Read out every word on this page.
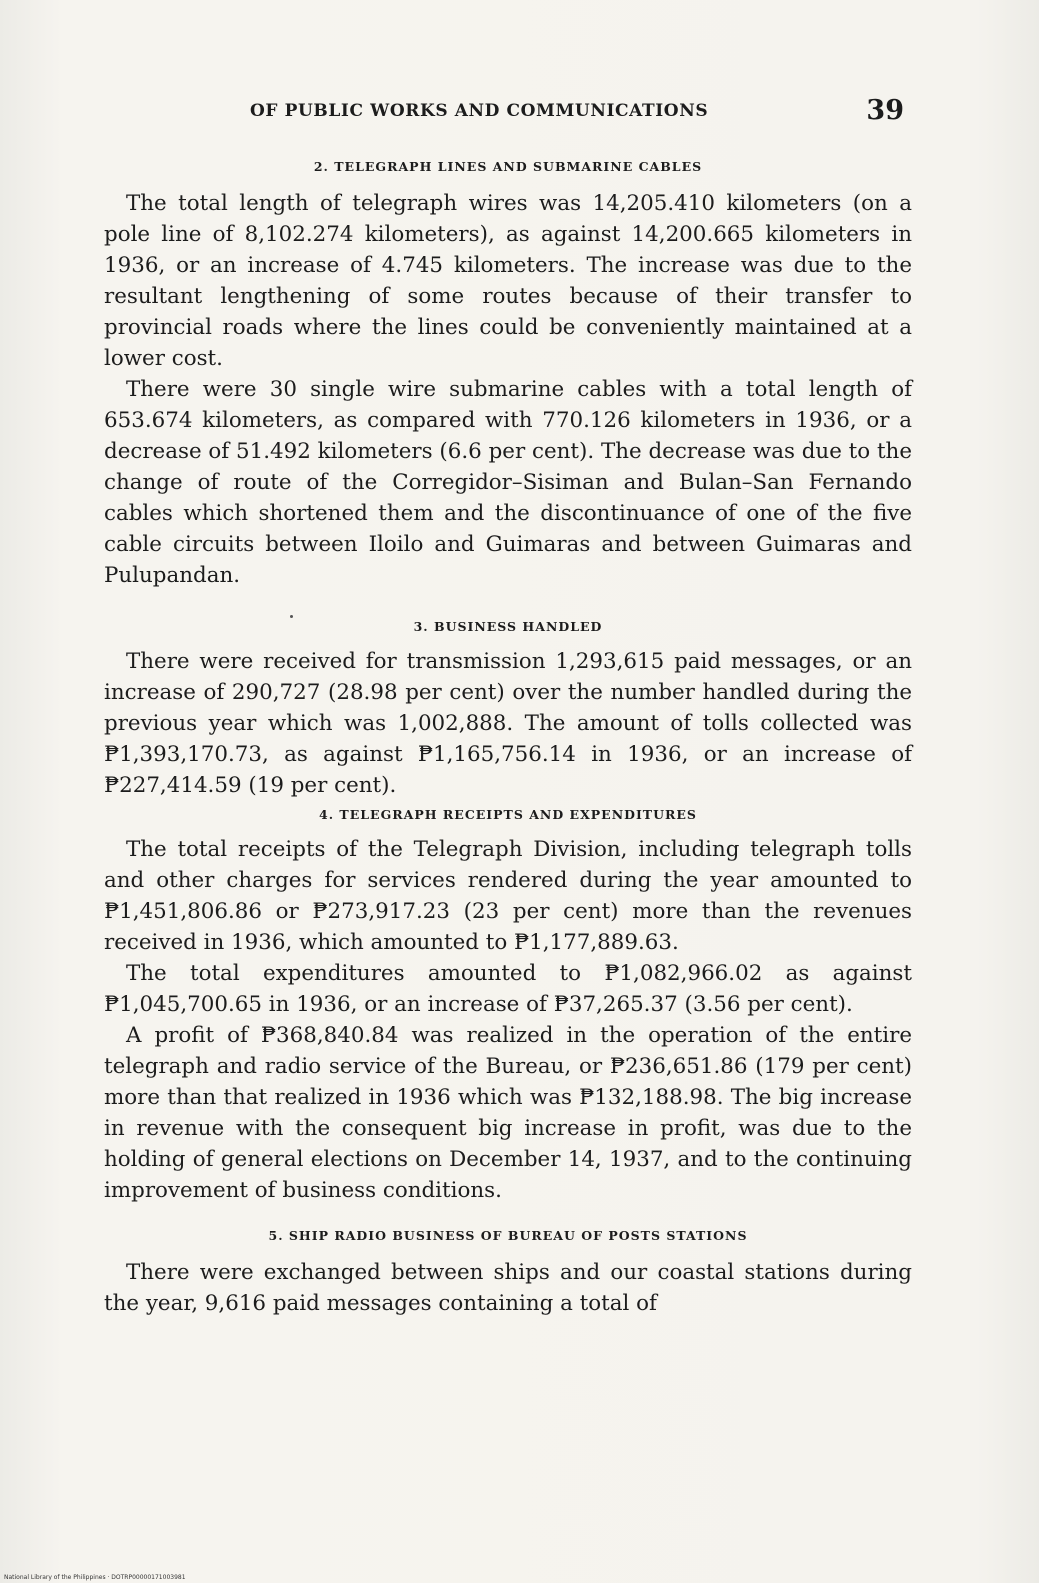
OF PUBLIC WORKS AND COMMUNICATIONS	39
2. TELEGRAPH LINES AND SUBMARINE CABLES

The total length of telegraph wires was 14,205.410 kilometers (on a pole line of 8,102.274 kilometers), as against 14,200.665 kilometers in 1936, or an increase of 4.745 kilometers. The increase was due to the resultant lengthening of some routes because of their transfer to provincial roads where the lines could be conveniently maintained at a lower cost.

There were 30 single wire submarine cables with a total length of 653.674 kilometers, as compared with 770.126 kilometers in 1936, or a decrease of 51.492 kilometers (6.6 per cent). The decrease was due to the change of route of the Corregidor–Sisiman and Bulan–San Fernando cables which shortened them and the discontinuance of one of the five cable circuits between Iloilo and Guimaras and between Guimaras and Pulupandan.

3. BUSINESS HANDLED

There were received for transmission 1,293,615 paid messages, or an increase of 290,727 (28.98 per cent) over the number handled during the previous year which was 1,002,888. The amount of tolls collected was ₱1,393,170.73, as against ₱1,165,756.14 in 1936, or an increase of ₱227,414.59 (19 per cent).

4. TELEGRAPH RECEIPTS AND EXPENDITURES

The total receipts of the Telegraph Division, including telegraph tolls and other charges for services rendered during the year amounted to ₱1,451,806.86 or ₱273,917.23 (23 per cent) more than the revenues received in 1936, which amounted to ₱1,177,889.63.

The total expenditures amounted to ₱1,082,966.02 as against ₱1,045,700.65 in 1936, or an increase of ₱37,265.37 (3.56 per cent).

A profit of ₱368,840.84 was realized in the operation of the entire telegraph and radio service of the Bureau, or ₱236,651.86 (179 per cent) more than that realized in 1936 which was ₱132,188.98. The big increase in revenue with the consequent big increase in profit, was due to the holding of general elections on December 14, 1937, and to the continuing improvement of business conditions.

5. SHIP RADIO BUSINESS OF BUREAU OF POSTS STATIONS

There were exchanged between ships and our coastal stations during the year, 9,616 paid messages containing a total of

National Library of the Philippines · DOTRP00000171003981
